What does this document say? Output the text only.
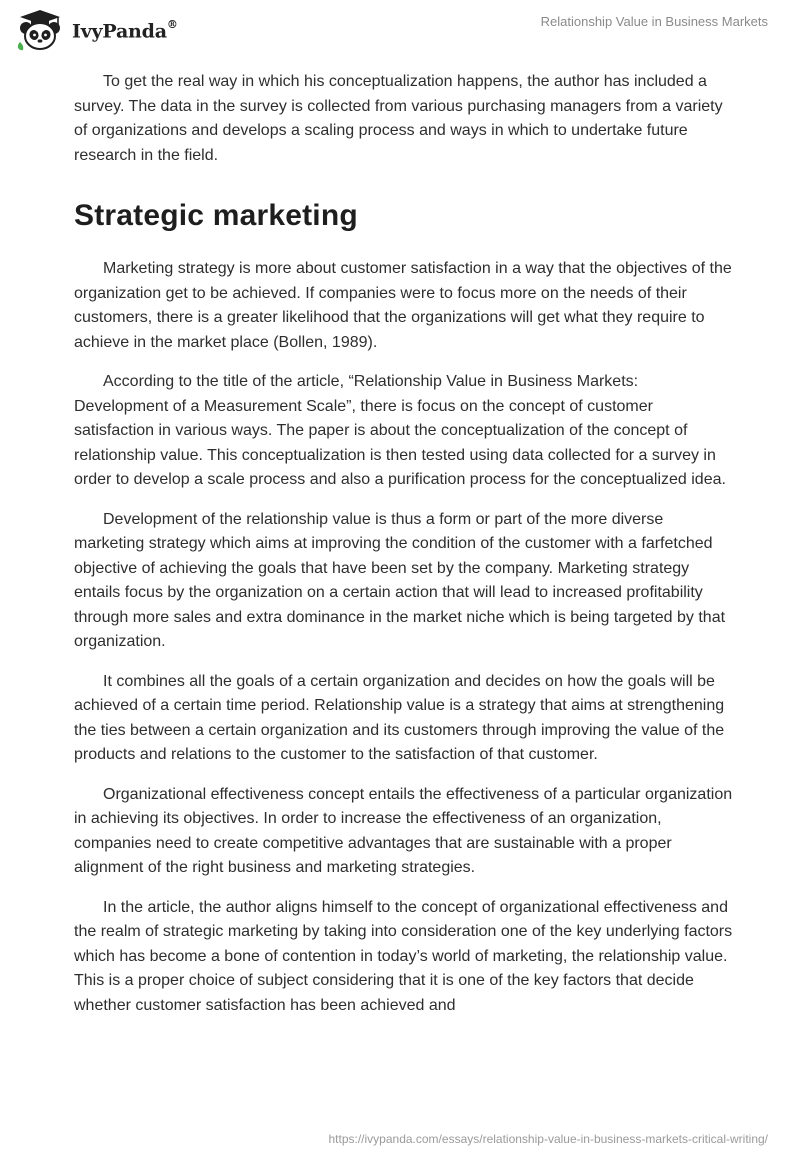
IvyPanda®	Relationship Value in Business Markets

To get the real way in which his conceptualization happens, the author has included a survey. The data in the survey is collected from various purchasing managers from a variety of organizations and develops a scaling process and ways in which to undertake future research in the field.

Strategic marketing

Marketing strategy is more about customer satisfaction in a way that the objectives of the organization get to be achieved. If companies were to focus more on the needs of their customers, there is a greater likelihood that the organizations will get what they require to achieve in the market place (Bollen, 1989).

According to the title of the article, “Relationship Value in Business Markets: Development of a Measurement Scale”, there is focus on the concept of customer satisfaction in various ways. The paper is about the conceptualization of the concept of relationship value. This conceptualization is then tested using data collected for a survey in order to develop a scale process and also a purification process for the conceptualized idea.

Development of the relationship value is thus a form or part of the more diverse marketing strategy which aims at improving the condition of the customer with a farfetched objective of achieving the goals that have been set by the company. Marketing strategy entails focus by the organization on a certain action that will lead to increased profitability through more sales and extra dominance in the market niche which is being targeted by that organization.

It combines all the goals of a certain organization and decides on how the goals will be achieved of a certain time period. Relationship value is a strategy that aims at strengthening the ties between a certain organization and its customers through improving the value of the products and relations to the customer to the satisfaction of that customer.

Organizational effectiveness concept entails the effectiveness of a particular organization in achieving its objectives. In order to increase the effectiveness of an organization, companies need to create competitive advantages that are sustainable with a proper alignment of the right business and marketing strategies.

In the article, the author aligns himself to the concept of organizational effectiveness and the realm of strategic marketing by taking into consideration one of the key underlying factors which has become a bone of contention in today’s world of marketing, the relationship value. This is a proper choice of subject considering that it is one of the key factors that decide whether customer satisfaction has been achieved and

https://ivypanda.com/essays/relationship-value-in-business-markets-critical-writing/
